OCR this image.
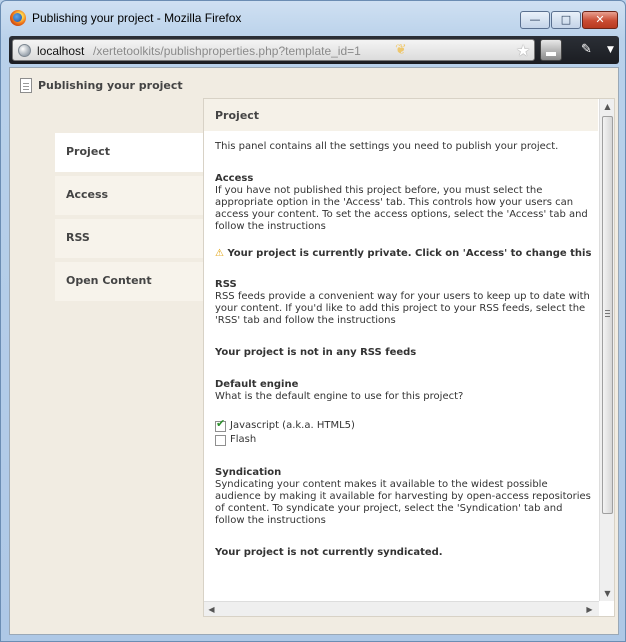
Publishing your project - Mozilla Firefox	—	□	✕
localhost /xertetoolkits/publishproperties.php?template_id=1 ❦	★	✎ ▼
Publishing your project
Project
Access
RSS
Open Content
Project

This panel contains all the settings you need to publish your project.

Access

If you have not published this project before, you must select the appropriate option in the 'Access' tab. This controls how your users can access your content. To set the access options, select the 'Access' tab and follow the instructions

⚠ Your project is currently private. Click on 'Access' to change this

RSS

RSS feeds provide a convenient way for your users to keep up to date with your content. If you'd like to add this project to your RSS feeds, select the 'RSS' tab and follow the instructions

Your project is not in any RSS feeds

Default engine

What is the default engine to use for this project?

✔
Javascript (a.k.a. HTML5)
Flash

Syndication

Syndicating your content makes it available to the widest possible audience by making it available for harvesting by open-access repositories of content. To syndicate your project, select the 'Syndication' tab and follow the instructions

Your project is not currently syndicated.

▲
▼
◀	▶
